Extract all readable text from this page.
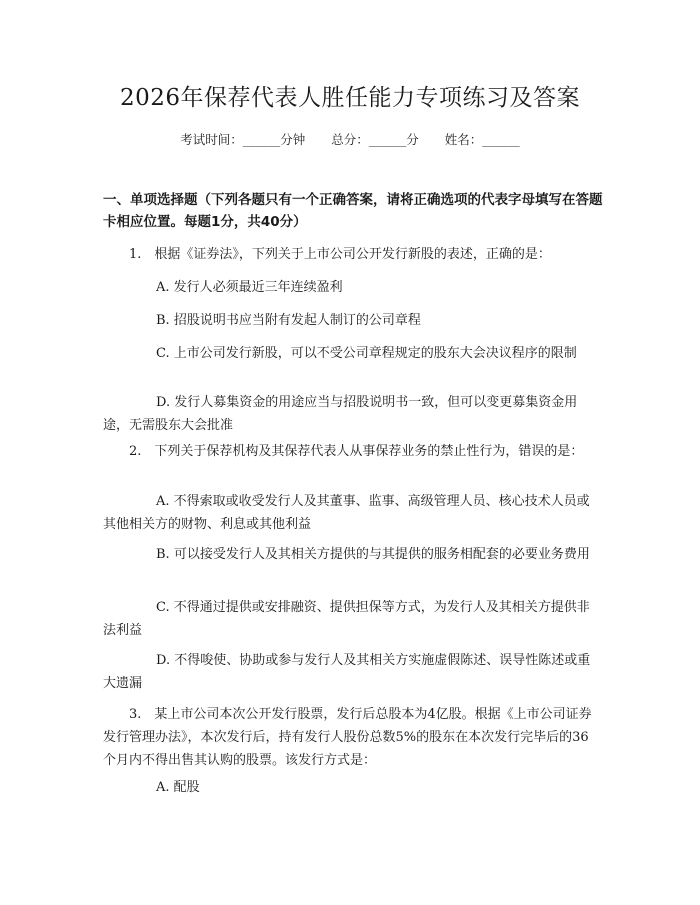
2026年保荐代表人胜任能力专项练习及答案
考试时间：______分钟 总分：______分 姓名：______
一、单项选择题（下列各题只有一个正确答案，请将正确选项的代表字母填写在答题卡相应位置。每题1分，共40分）
1.　根据《证券法》，下列关于上市公司公开发行新股的表述，正确的是：
A. 发行人必须最近三年连续盈利
B. 招股说明书应当附有发起人制订的公司章程
C. 上市公司发行新股，可以不受公司章程规定的股东大会决议程序的限制
D. 发行人募集资金的用途应当与招股说明书一致，但可以变更募集资金用途，无需股东大会批准
2.　下列关于保荐机构及其保荐代表人从事保荐业务的禁止性行为，错误的是：
A. 不得索取或收受发行人及其董事、监事、高级管理人员、核心技术人员或其他相关方的财物、利息或其他利益
B. 可以接受发行人及其相关方提供的与其提供的服务相配套的必要业务费用
C. 不得通过提供或安排融资、提供担保等方式，为发行人及其相关方提供非法利益
D. 不得唆使、协助或参与发行人及其相关方实施虚假陈述、误导性陈述或重大遗漏
3.　某上市公司本次公开发行股票，发行后总股本为4亿股。根据《上市公司证券发行管理办法》，本次发行后，持有发行人股份总数5%的股东在本次发行完毕后的36个月内不得出售其认购的股票。该发行方式是：
A. 配股
